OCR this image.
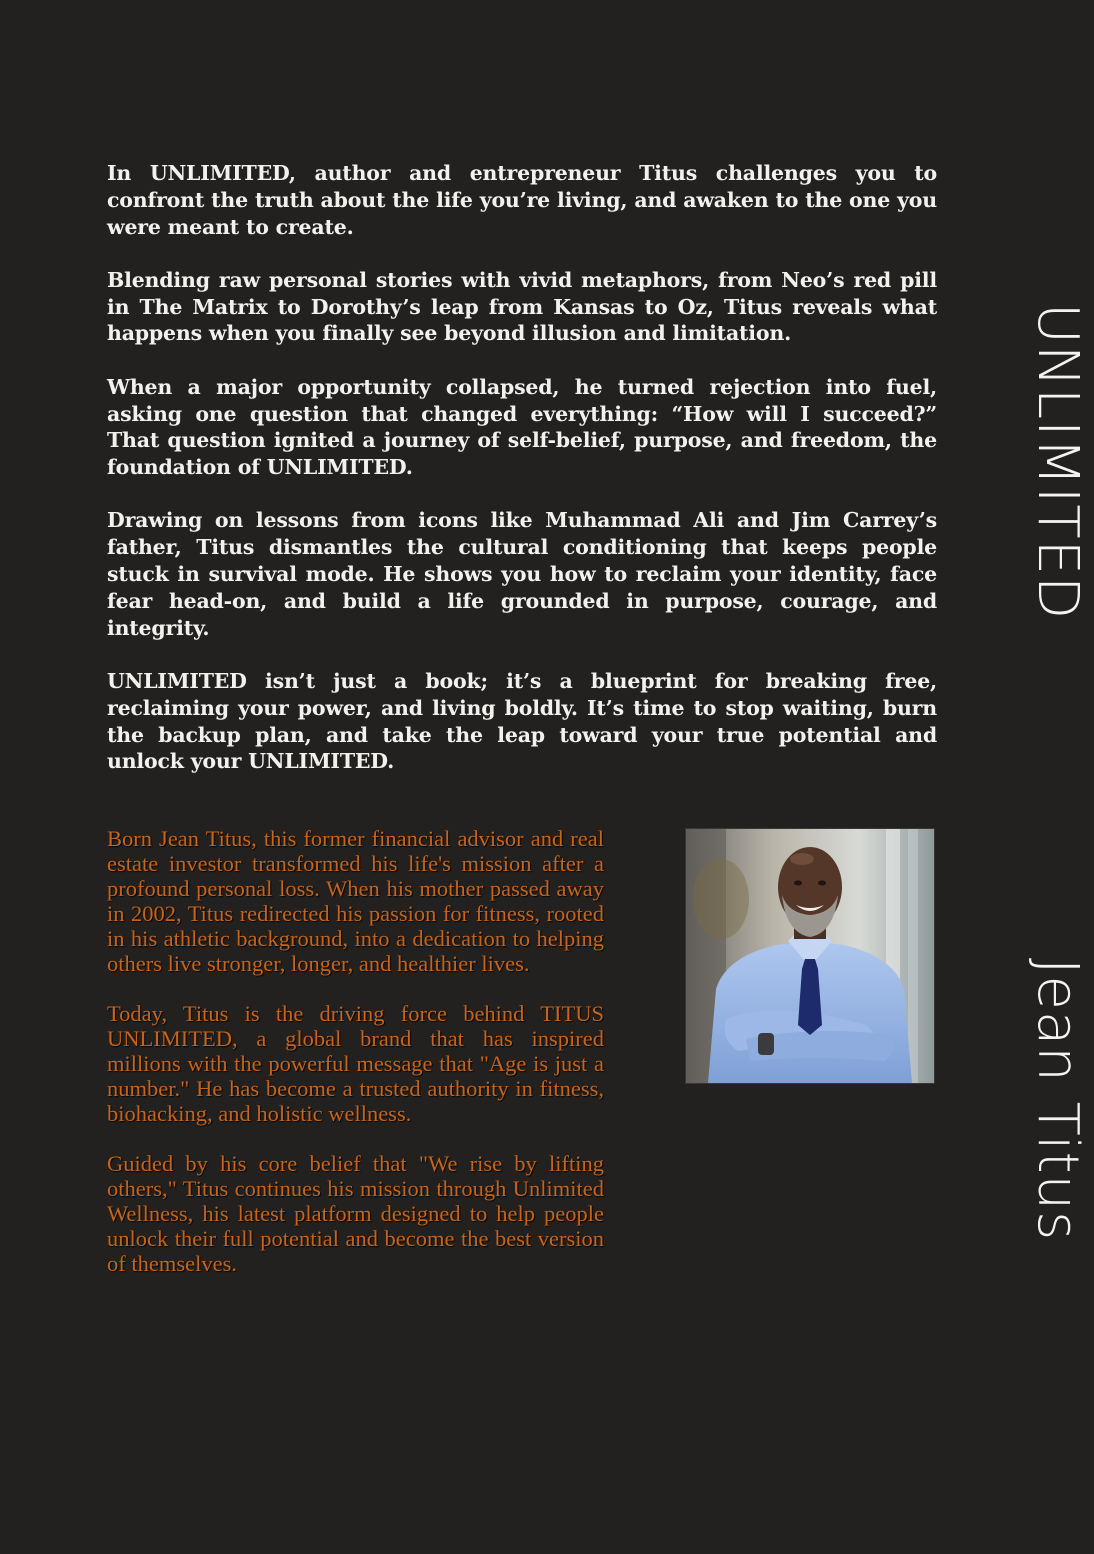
In UNLIMITED, author and entrepreneur Titus challenges you to confront the truth about the life you’re living, and awaken to the one you were meant to create.

Blending raw personal stories with vivid metaphors, from Neo’s red pill in The Matrix to Dorothy’s leap from Kansas to Oz, Titus reveals what happens when you finally see beyond illusion and limitation.

When a major opportunity collapsed, he turned rejection into fuel, asking one question that changed everything: “How will I succeed?” That question ignited a journey of self-belief, purpose, and freedom, the foundation of UNLIMITED.

Drawing on lessons from icons like Muhammad Ali and Jim Carrey’s father, Titus dismantles the cultural conditioning that keeps people stuck in survival mode. He shows you how to reclaim your identity, face fear head-on, and build a life grounded in purpose, courage, and integrity.

UNLIMITED isn’t just a book; it’s a blueprint for breaking free, reclaiming your power, and living boldly. It’s time to stop waiting, burn the backup plan, and take the leap toward your true potential and unlock your UNLIMITED.

Born Jean Titus, this former financial advisor and real estate investor transformed his life's mission after a profound personal loss. When his mother passed away in 2002, Titus redirected his passion for fitness, rooted in his athletic background, into a dedication to helping others live stronger, longer, and healthier lives.

Today, Titus is the driving force behind TITUS UNLIMITED, a global brand that has inspired millions with the powerful message that "Age is just a number." He has become a trusted authority in fitness, biohacking, and holistic wellness.

Guided by his core belief that "We rise by lifting others," Titus continues his mission through Unlimited Wellness, his latest platform designed to help people unlock their full potential and become the best version of themselves.

UNLIMITED
Jean Titus
